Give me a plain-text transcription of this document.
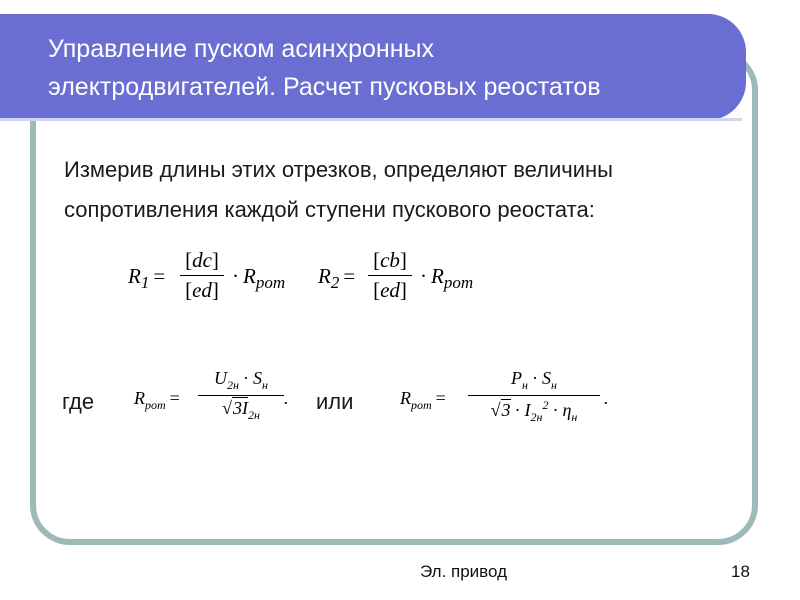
Управление пуском асинхронных
электродвигателей. Расчет пусковых реостатов
Измерив длины этих отрезков, определяют величины
сопротивления каждой ступени пускового реостата:
$R_1$ =
[dc]
[ed]
· $R_{рот}$ $R_2$ =
[cb]
[ed]
· $R_{рот}$
где $R_{рот}$ =
$U_{2н} \cdot S_н$
$√3I_{2н}$
. или	$R_{рот}$ =
$P_н \cdot S_н$
$√3 \cdot I_{2н}^2 \cdot \eta_н$
.
Эл. привод	18
